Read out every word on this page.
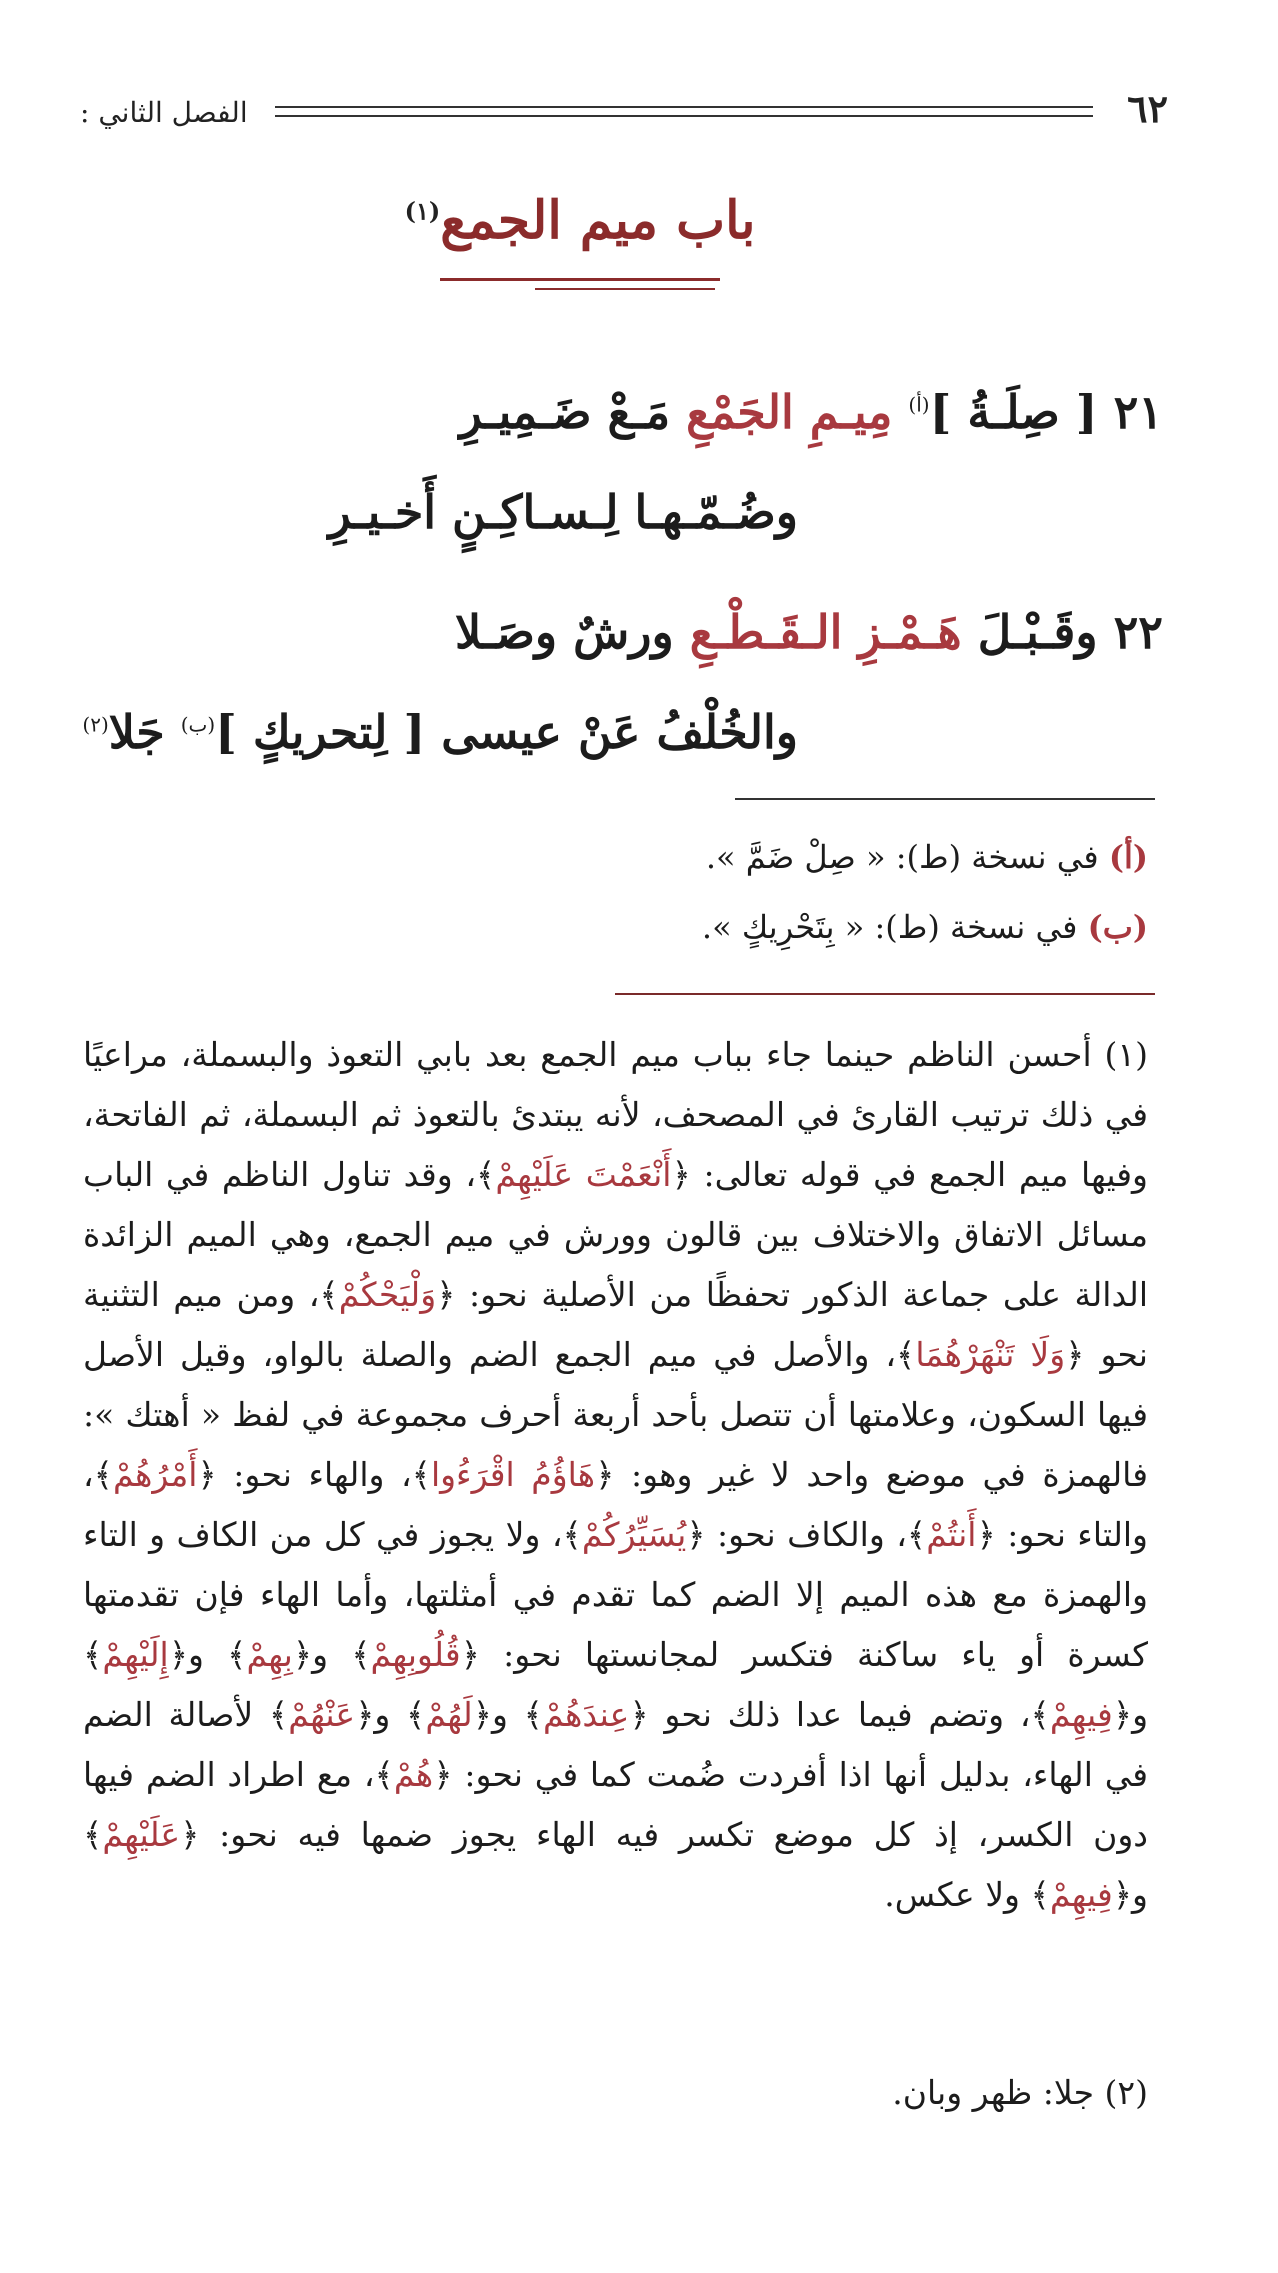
٦٢
الفصل الثاني :
باب ميم الجمع$^{(١)}$
٢١ [ صِلَـةُ ]$^{(أ)}$ مِيـمِ الجَمْعِ مَـعْ ضَـمِيـرِ
وضُـمّـهـا لِـسـاكِـنٍ أَخـيـرِ
٢٢ وقَـبْـلَ هَـمْـزِ الـقَـطْـعِ ورشٌ وصَـلا
والخُلْفُ عَنْ عيسى [ لِتحريكٍ ]$^{(ب)}$ جَلا$^{(٢)}$
(أ) في نسخة (ط): « صِلْ ضَمَّ ».
(ب) في نسخة (ط): « بِتَحْرِيكٍ ».
(١) أحسن الناظم حينما جاء بباب ميم الجمع بعد بابي التعوذ والبسملة، مراعيًا في ذلك ترتيب القارئ في المصحف، لأنه يبتدئ بالتعوذ ثم البسملة، ثم الفاتحة، وفيها ميم الجمع في قوله تعالى: ﴿أَنْعَمْتَ عَلَيْهِمْ﴾، وقد تناول الناظم في الباب مسائل الاتفاق والاختلاف بين قالون وورش في ميم الجمع، وهي الميم الزائدة الدالة على جماعة الذكور تحفظًا من الأصلية نحو: ﴿وَلْيَحْكُمْ﴾، ومن ميم التثنية نحو ﴿وَلَا تَنْهَرْهُمَا﴾، والأصل في ميم الجمع الضم والصلة بالواو، وقيل الأصل فيها السكون، وعلامتها أن تتصل بأحد أربعة أحرف مجموعة في لفظ « أهتك »: فالهمزة في موضع واحد لا غير وهو: ﴿هَاؤُمُ اقْرَءُوا﴾، والهاء نحو: ﴿أَمْرُهُمْ﴾، والتاء نحو: ﴿أَنتُمْ﴾، والكاف نحو: ﴿يُسَيِّرُكُمْ﴾، ولا يجوز في كل من الكاف و التاء والهمزة مع هذه الميم إلا الضم كما تقدم في أمثلتها، وأما الهاء فإن تقدمتها كسرة أو ياء ساكنة فتكسر لمجانستها نحو: ﴿قُلُوبِهِمْ﴾ و﴿بِهِمْ﴾ و﴿إِلَيْهِمْ﴾ و﴿فِيهِمْ﴾، وتضم فيما عدا ذلك نحو ﴿عِندَهُمْ﴾ و﴿لَهُمْ﴾ و﴿عَنْهُمْ﴾ لأصالة الضم في الهاء، بدليل أنها اذا أفردت ضُمت كما في نحو: ﴿هُمْ﴾، مع اطراد الضم فيها دون الكسر، إذ كل موضع تكسر فيه الهاء يجوز ضمها فيه نحو: ﴿عَلَيْهِمْ﴾ و﴿فِيهِمْ﴾ ولا عكس.
(٢) جلا: ظهر وبان.
